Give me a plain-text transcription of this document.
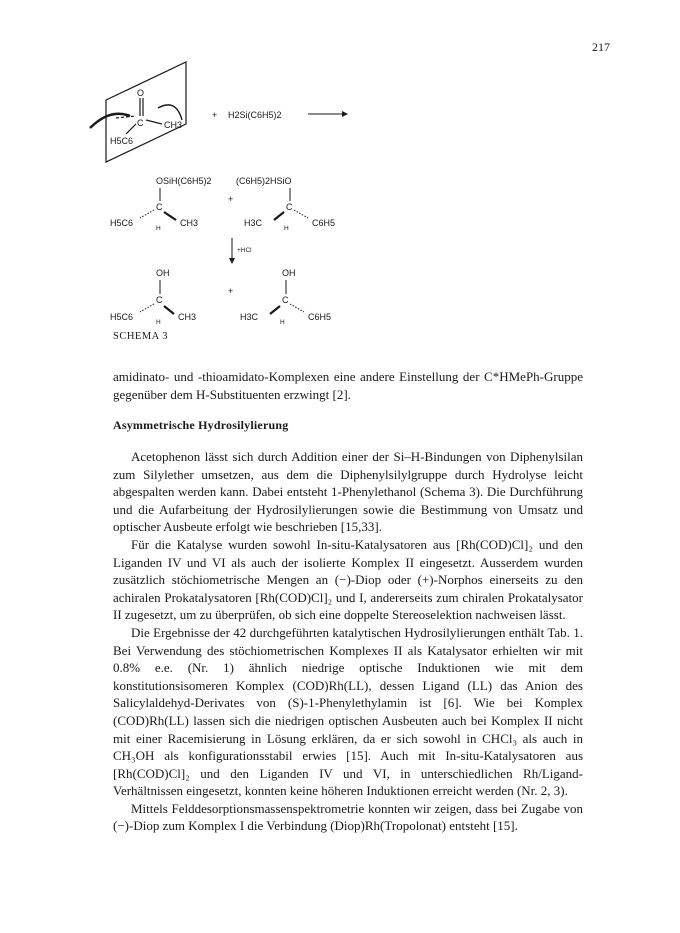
217
O
C CH3
H5C6
+ H2Si(C6H5)2
OSiH(C6H5)2	(C6H5)2HSiO
C	C
+
H5C6	CH3
H
H3C	C6H5
H
+HCl
OH	OH
C	C
+
H5C6	CH3
H
H3C	C6H5
H
SCHEMA 3

amidinato- und -thioamidato-Komplexen eine andere Einstellung der C*HMePh-Gruppe gegenüber dem H-Substituenten erzwingt [2].

Asymmetrische Hydrosilylierung

Acetophenon lässt sich durch Addition einer der Si–H-Bindungen von Diphenylsilan zum Silylether umsetzen, aus dem die Diphenylsilylgruppe durch Hydrolyse leicht abgespalten werden kann. Dabei entsteht 1-Phenylethanol (Schema 3). Die Durchführung und die Aufarbeitung der Hydrosilylierungen sowie die Bestimmung von Umsatz und optischer Ausbeute erfolgt wie beschrieben [15,33].

Für die Katalyse wurden sowohl In-situ-Katalysatoren aus [Rh(COD)Cl]₂ und den Liganden IV und VI als auch der isolierte Komplex II eingesetzt. Ausserdem wurden zusätzlich stöchiometrische Mengen an (−)-Diop oder (+)-Norphos einerseits zu den achiralen Prokatalysatoren [Rh(COD)Cl]₂ und I, andererseits zum chiralen Prokatalysator II zugesetzt, um zu überprüfen, ob sich eine doppelte Stereoselektion nachweisen lässt.

Die Ergebnisse der 42 durchgeführten katalytischen Hydrosilylierungen enthält Tab. 1. Bei Verwendung des stöchiometrischen Komplexes II als Katalysator erhielten wir mit 0.8% e.e. (Nr. 1) ähnlich niedrige optische Induktionen wie mit dem konstitutionsisomeren Komplex (COD)Rh(LL), dessen Ligand (LL) das Anion des Salicylaldehyd-Derivates von (S)-1-Phenylethylamin ist [6]. Wie bei Komplex (COD)Rh(LL) lassen sich die niedrigen optischen Ausbeuten auch bei Komplex II nicht mit einer Racemisierung in Lösung erklären, da er sich sowohl in CHCl₃ als auch in CH₃OH als konfigurationsstabil erwies [15]. Auch mit In-situ-Katalysatoren aus [Rh(COD)Cl]₂ und den Liganden IV und VI, in unterschiedlichen Rh/Ligand-Verhältnissen eingesetzt, konnten keine höheren Induktionen erreicht werden (Nr. 2, 3).

Mittels Felddesorptionsmassenspektrometrie konnten wir zeigen, dass bei Zugabe von (−)-Diop zum Komplex I die Verbindung (Diop)Rh(Tropolonat) entsteht [15].
